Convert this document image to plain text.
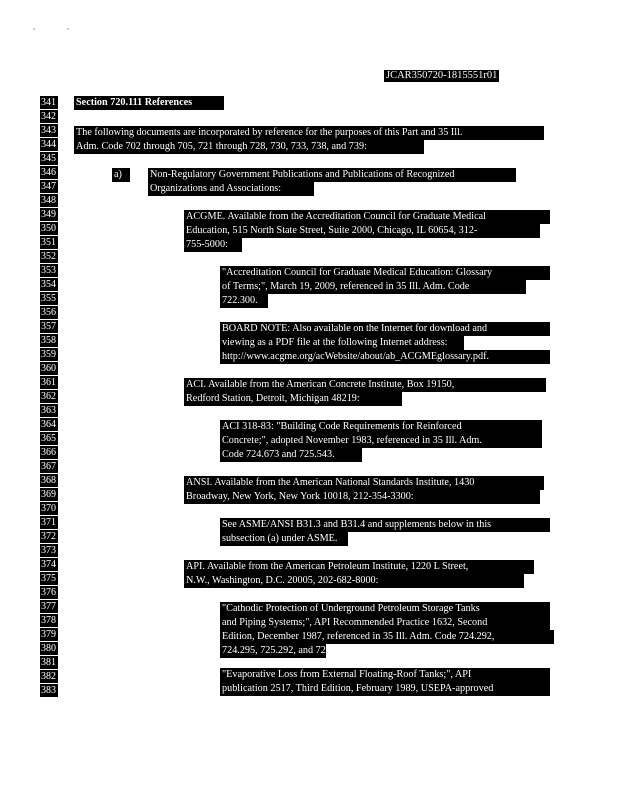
JCAR350720-1815551r01
341
342
343
344
345
346
347
348
349
350
351
352
353
354
355
356
357
358
359
360
361
362
363
364
365
366
367
368
369
370
371
372
373
374
375
376
377
378
379
380
381
382
383
Section 720.111 References
The following documents are incorporated by reference for the purposes of this Part and 35 Ill.
Adm. Code 702 through 705, 721 through 728, 730, 733, 738, and 739:
a)	Non-Regulatory Government Publications and Publications of Recognized
Organizations and Associations:
ACGME. Available from the Accreditation Council for Graduate Medical
Education, 515 North State Street, Suite 2000, Chicago, IL 60654, 312-
755-5000:
"Accreditation Council for Graduate Medical Education: Glossary
of Terms;", March 19, 2009, referenced in 35 Ill. Adm. Code
722.300.
BOARD NOTE: Also available on the Internet for download and
viewing as a PDF file at the following Internet address:
http://www.acgme.org/acWebsite/about/ab_ACGMEglossary.pdf.
ACI. Available from the American Concrete Institute, Box 19150,
Redford Station, Detroit, Michigan 48219:
ACI 318-83: "Building Code Requirements for Reinforced
Concrete;", adopted November 1983, referenced in 35 Ill. Adm.
Code 724.673 and 725.543.
ANSI. Available from the American National Standards Institute, 1430
Broadway, New York, New York 10018, 212-354-3300:
See ASME/ANSI B31.3 and B31.4 and supplements below in this
subsection (a) under ASME.
API. Available from the American Petroleum Institute, 1220 L Street,
N.W., Washington, D.C. 20005, 202-682-8000:
"Cathodic Protection of Underground Petroleum Storage Tanks
and Piping Systems;", API Recommended Practice 1632, Second
Edition, December 1987, referenced in 35 Ill. Adm. Code 724.292,
724.295, 725.292, and 725.295.
"Evaporative Loss from External Floating-Roof Tanks;", API
publication 2517, Third Edition, February 1989, USEPA-approved
